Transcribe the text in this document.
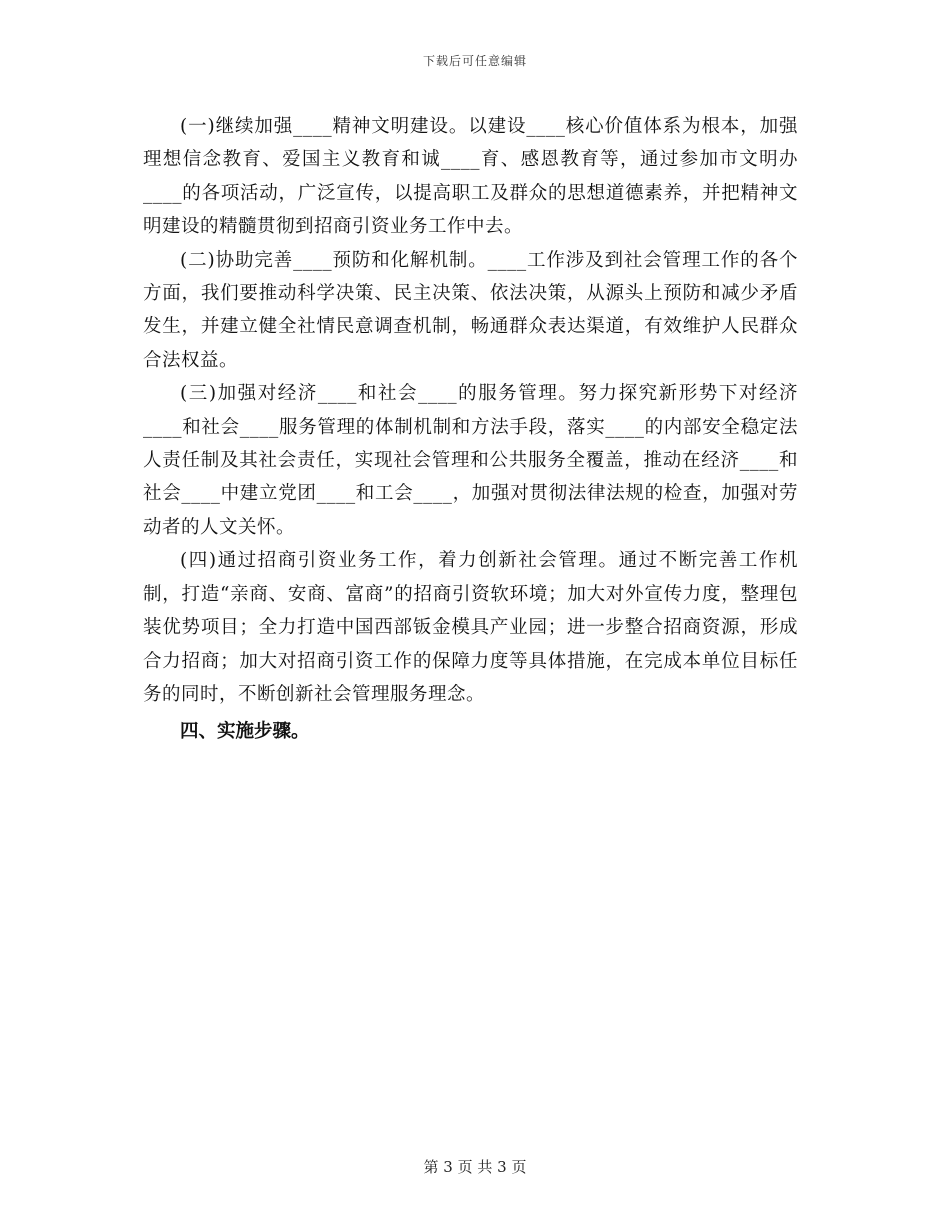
下载后可任意编辑

(一)继续加强____精神文明建设。以建设____核心价值体系为根本，加强理想信念教育、爱国主义教育和诚____育、感恩教育等，通过参加市文明办____的各项活动，广泛宣传，以提高职工及群众的思想道德素养，并把精神文明建设的精髓贯彻到招商引资业务工作中去。

(二)协助完善____预防和化解机制。____工作涉及到社会管理工作的各个方面，我们要推动科学决策、民主决策、依法决策，从源头上预防和减少矛盾发生，并建立健全社情民意调查机制，畅通群众表达渠道，有效维护人民群众合法权益。

(三)加强对经济____和社会____的服务管理。努力探究新形势下对经济____和社会____服务管理的体制机制和方法手段，落实____的内部安全稳定法人责任制及其社会责任，实现社会管理和公共服务全覆盖，推动在经济____和社会____中建立党团____和工会____，加强对贯彻法律法规的检查，加强对劳动者的人文关怀。

(四)通过招商引资业务工作，着力创新社会管理。通过不断完善工作机制，打造“亲商、安商、富商”的招商引资软环境；加大对外宣传力度，整理包装优势项目；全力打造中国西部钣金模具产业园；进一步整合招商资源，形成合力招商；加大对招商引资工作的保障力度等具体措施，在完成本单位目标任务的同时，不断创新社会管理服务理念。

四、实施步骤。

第 3 页 共 3 页
